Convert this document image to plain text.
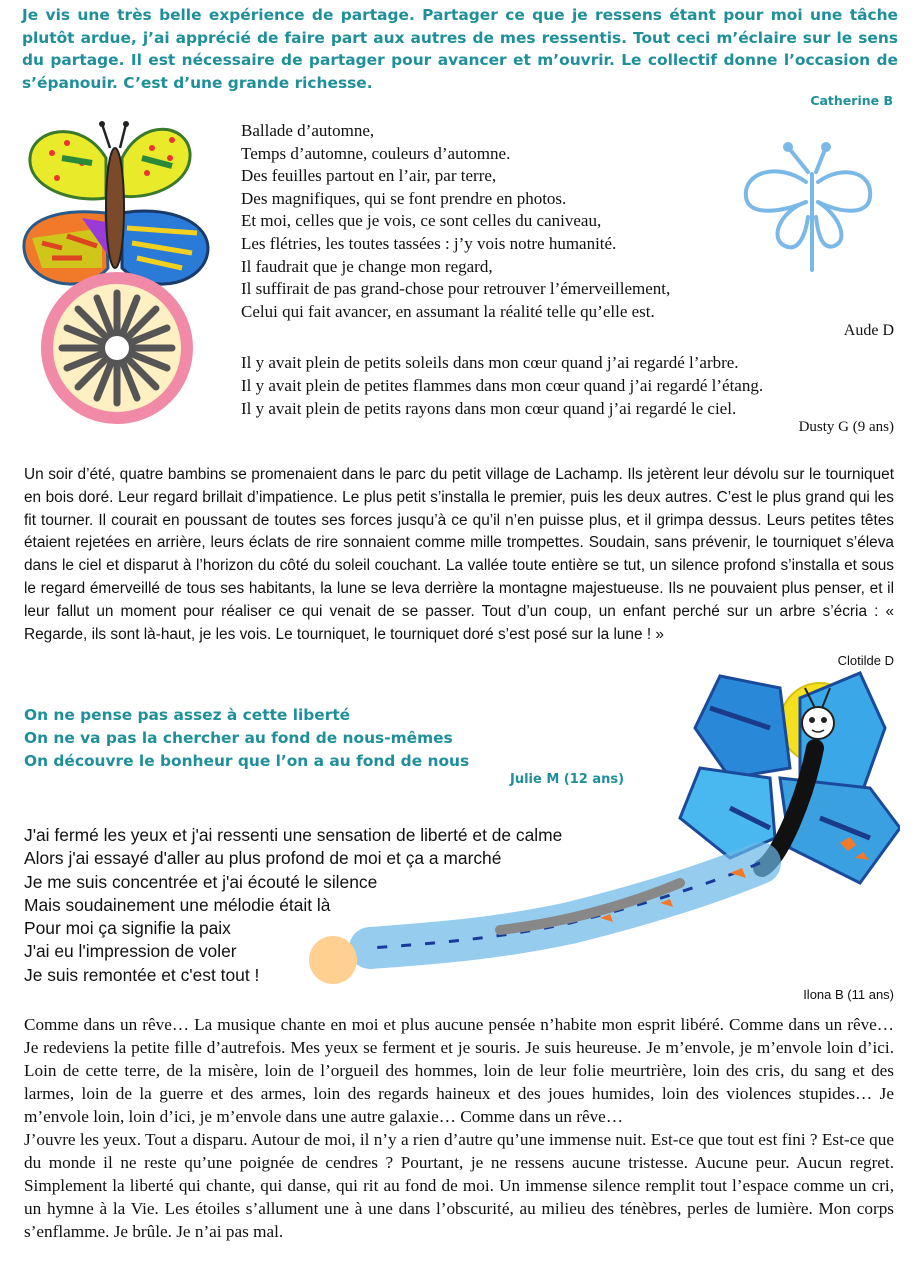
Je vis une très belle expérience de partage. Partager ce que je ressens étant pour moi une tâche plutôt ardue, j’ai apprécié de faire part aux autres de mes ressentis. Tout ceci m’éclaire sur le sens du partage. Il est nécessaire de partager pour avancer et m’ouvrir. Le collectif donne l’occasion de s’épanouir. C’est d’une grande richesse.
Catherine B
Ballade d’automne,
Temps d’automne, couleurs d’automne.
Des feuilles partout en l’air, par terre,
Des magnifiques, qui se font prendre en photos.
Et moi, celles que je vois, ce sont celles du caniveau,
Les flétries, les toutes tassées : j’y vois notre humanité.
Il faudrait que je change mon regard,
Il suffirait de pas grand-chose pour retrouver l’émerveillement,
Celui qui fait avancer, en assumant la réalité telle qu’elle est.
Aude D
Il y avait plein de petits soleils dans mon cœur quand j’ai regardé l’arbre.
Il y avait plein de petites flammes dans mon cœur quand j’ai regardé l’étang.
Il y avait plein de petits rayons dans mon cœur quand j’ai regardé le ciel.
Dusty G (9 ans)
Un soir d’été, quatre bambins se promenaient dans le parc du petit village de Lachamp. Ils jetèrent leur dévolu sur le tourniquet en bois doré. Leur regard brillait d’impatience. Le plus petit s’installa le premier, puis les deux autres. C’est le plus grand qui les fit tourner. Il courait en poussant de toutes ses forces jusqu’à ce qu’il n’en puisse plus, et il grimpa dessus. Leurs petites têtes étaient rejetées en arrière, leurs éclats de rire sonnaient comme mille trompettes. Soudain, sans prévenir, le tourniquet s’éleva dans le ciel et disparut à l’horizon du côté du soleil couchant. La vallée toute entière se tut, un silence profond s’installa et sous le regard émerveillé de tous ses habitants, la lune se leva derrière la montagne majestueuse. Ils ne pouvaient plus penser, et il leur fallut un moment pour réaliser ce qui venait de se passer. Tout d’un coup, un enfant perché sur un arbre s’écria : « Regarde, ils sont là-haut, je les vois. Le tourniquet, le tourniquet doré s’est posé sur la lune ! »
Clotilde D
On ne pense pas assez à cette liberté
On ne va pas la chercher au fond de nous-mêmes
On découvre le bonheur que l’on a au fond de nous
Julie M (12 ans)
J'ai fermé les yeux et j'ai ressenti une sensation de liberté et de calme
Alors j'ai essayé d'aller au plus profond de moi et ça a marché
Je me suis concentrée et j'ai écouté le silence
Mais soudainement une mélodie était là
Pour moi ça signifie la paix
J'ai eu l'impression de voler
Je suis remontée et c'est tout !
Ilona B (11 ans)

Comme dans un rêve… La musique chante en moi et plus aucune pensée n’habite mon esprit libéré. Comme dans un rêve… Je redeviens la petite fille d’autrefois. Mes yeux se ferment et je souris. Je suis heureuse. Je m’envole, je m’envole loin d’ici. Loin de cette terre, de la misère, loin de l’orgueil des hommes, loin de leur folie meurtrière, loin des cris, du sang et des larmes, loin de la guerre et des armes, loin des regards haineux et des joues humides, loin des violences stupides… Je m’envole loin, loin d’ici, je m’envole dans une autre galaxie… Comme dans un rêve…

J’ouvre les yeux. Tout a disparu. Autour de moi, il n’y a rien d’autre qu’une immense nuit. Est-ce que tout est fini ? Est-ce que du monde il ne reste qu’une poignée de cendres ? Pourtant, je ne ressens aucune tristesse. Aucune peur. Aucun regret. Simplement la liberté qui chante, qui danse, qui rit au fond de moi. Un immense silence remplit tout l’espace comme un cri, un hymne à la Vie. Les étoiles s’allument une à une dans l’obscurité, au milieu des ténèbres, perles de lumière. Mon corps s’enflamme. Je brûle. Je n’ai pas mal.
